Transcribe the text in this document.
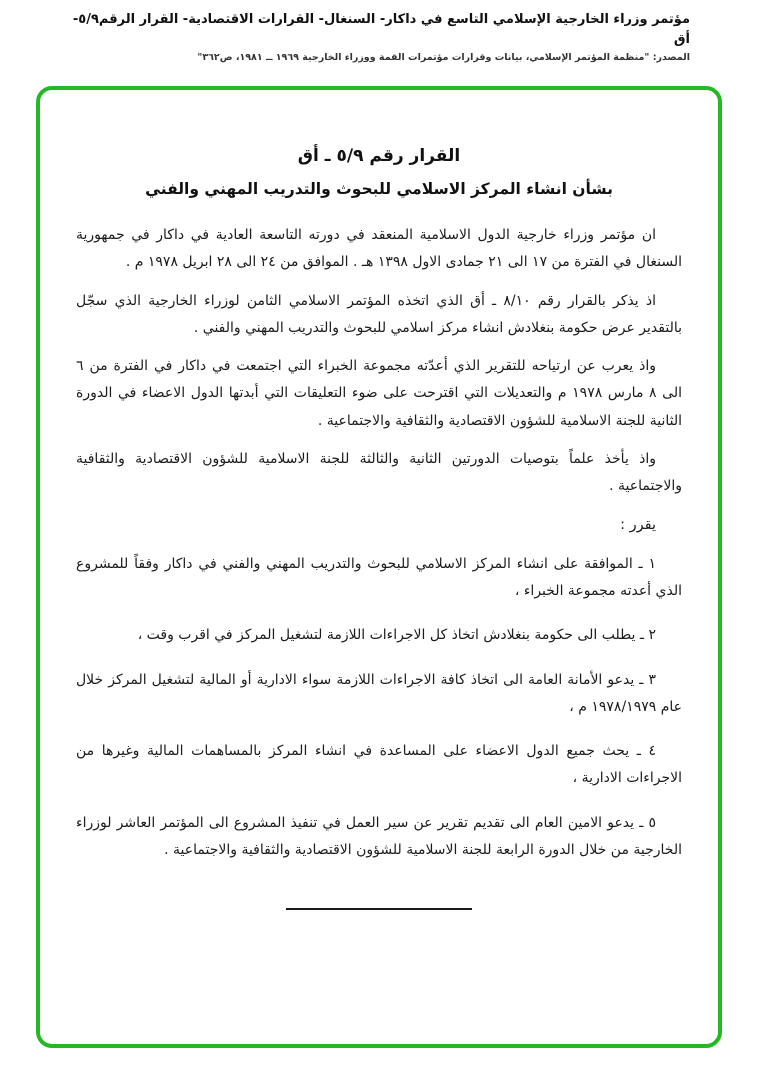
مؤتمر وزراء الخارجية الإسلامي التاسع في داكار- السنغال- القرارات الاقتصادية- القرار الرقم٥/٩- أق
المصدر: "منظمة المؤتمر الإسلامي، بيانات وقرارات مؤتمرات القمة ووزراء الخارجية ١٩٦٩ ــ ١٩٨١، ص٣٦٢"
القرار رقم ٥/٩ ـ أق
بشأن انشاء المركز الاسلامي للبحوث والتدريب المهني والفني

ان مؤتمر وزراء خارجية الدول الاسلامية المنعقد في دورته التاسعة العادية في داكار في جمهورية السنغال في الفترة من ١٧ الى ٢١ جمادى الاول ١٣٩٨ هـ . الموافق من ٢٤ الى ٢٨ ابريل ١٩٧٨ م .

اذ يذكر بالقرار رقم ٨/١٠ ـ أق الذي اتخذه المؤتمر الاسلامي الثامن لوزراء الخارجية الذي سجّل بالتقدير عرض حكومة بنغلادش انشاء مركز اسلامي للبحوث والتدريب المهني والفني .

واذ يعرب عن ارتياحه للتقرير الذي أعدّته مجموعة الخبراء التي اجتمعت في داكار في الفترة من ٦ الى ٨ مارس ١٩٧٨ م والتعديلات التي اقترحت على ضوء التعليقات التي أبدتها الدول الاعضاء في الدورة الثانية للجنة الاسلامية للشؤون الاقتصادية والثقافية والاجتماعية .

واذ يأخذ علماً بتوصيات الدورتين الثانية والثالثة للجنة الاسلامية للشؤون الاقتصادية والثقافية والاجتماعية .

يقرر :

١ ـ الموافقة على انشاء المركز الاسلامي للبحوث والتدريب المهني والفني في داكار وفقاً للمشروع الذي أعدته مجموعة الخبراء ،

٢ ـ يطلب الى حكومة بنغلادش اتخاذ كل الاجراءات اللازمة لتشغيل المركز في اقرب وقت ،

٣ ـ يدعو الأمانة العامة الى اتخاذ كافة الاجراءات اللازمة سواء الادارية أو المالية لتشغيل المركز خلال عام ١٩٧٨/١٩٧٩ م ،

٤ ـ يحث جميع الدول الاعضاء على المساعدة في انشاء المركز بالمساهمات المالية وغيرها من الاجراءات الادارية ،

٥ ـ يدعو الامين العام الى تقديم تقرير عن سير العمل في تنفيذ المشروع الى المؤتمر العاشر لوزراء الخارجية من خلال الدورة الرابعة للجنة الاسلامية للشؤون الاقتصادية والثقافية والاجتماعية .
